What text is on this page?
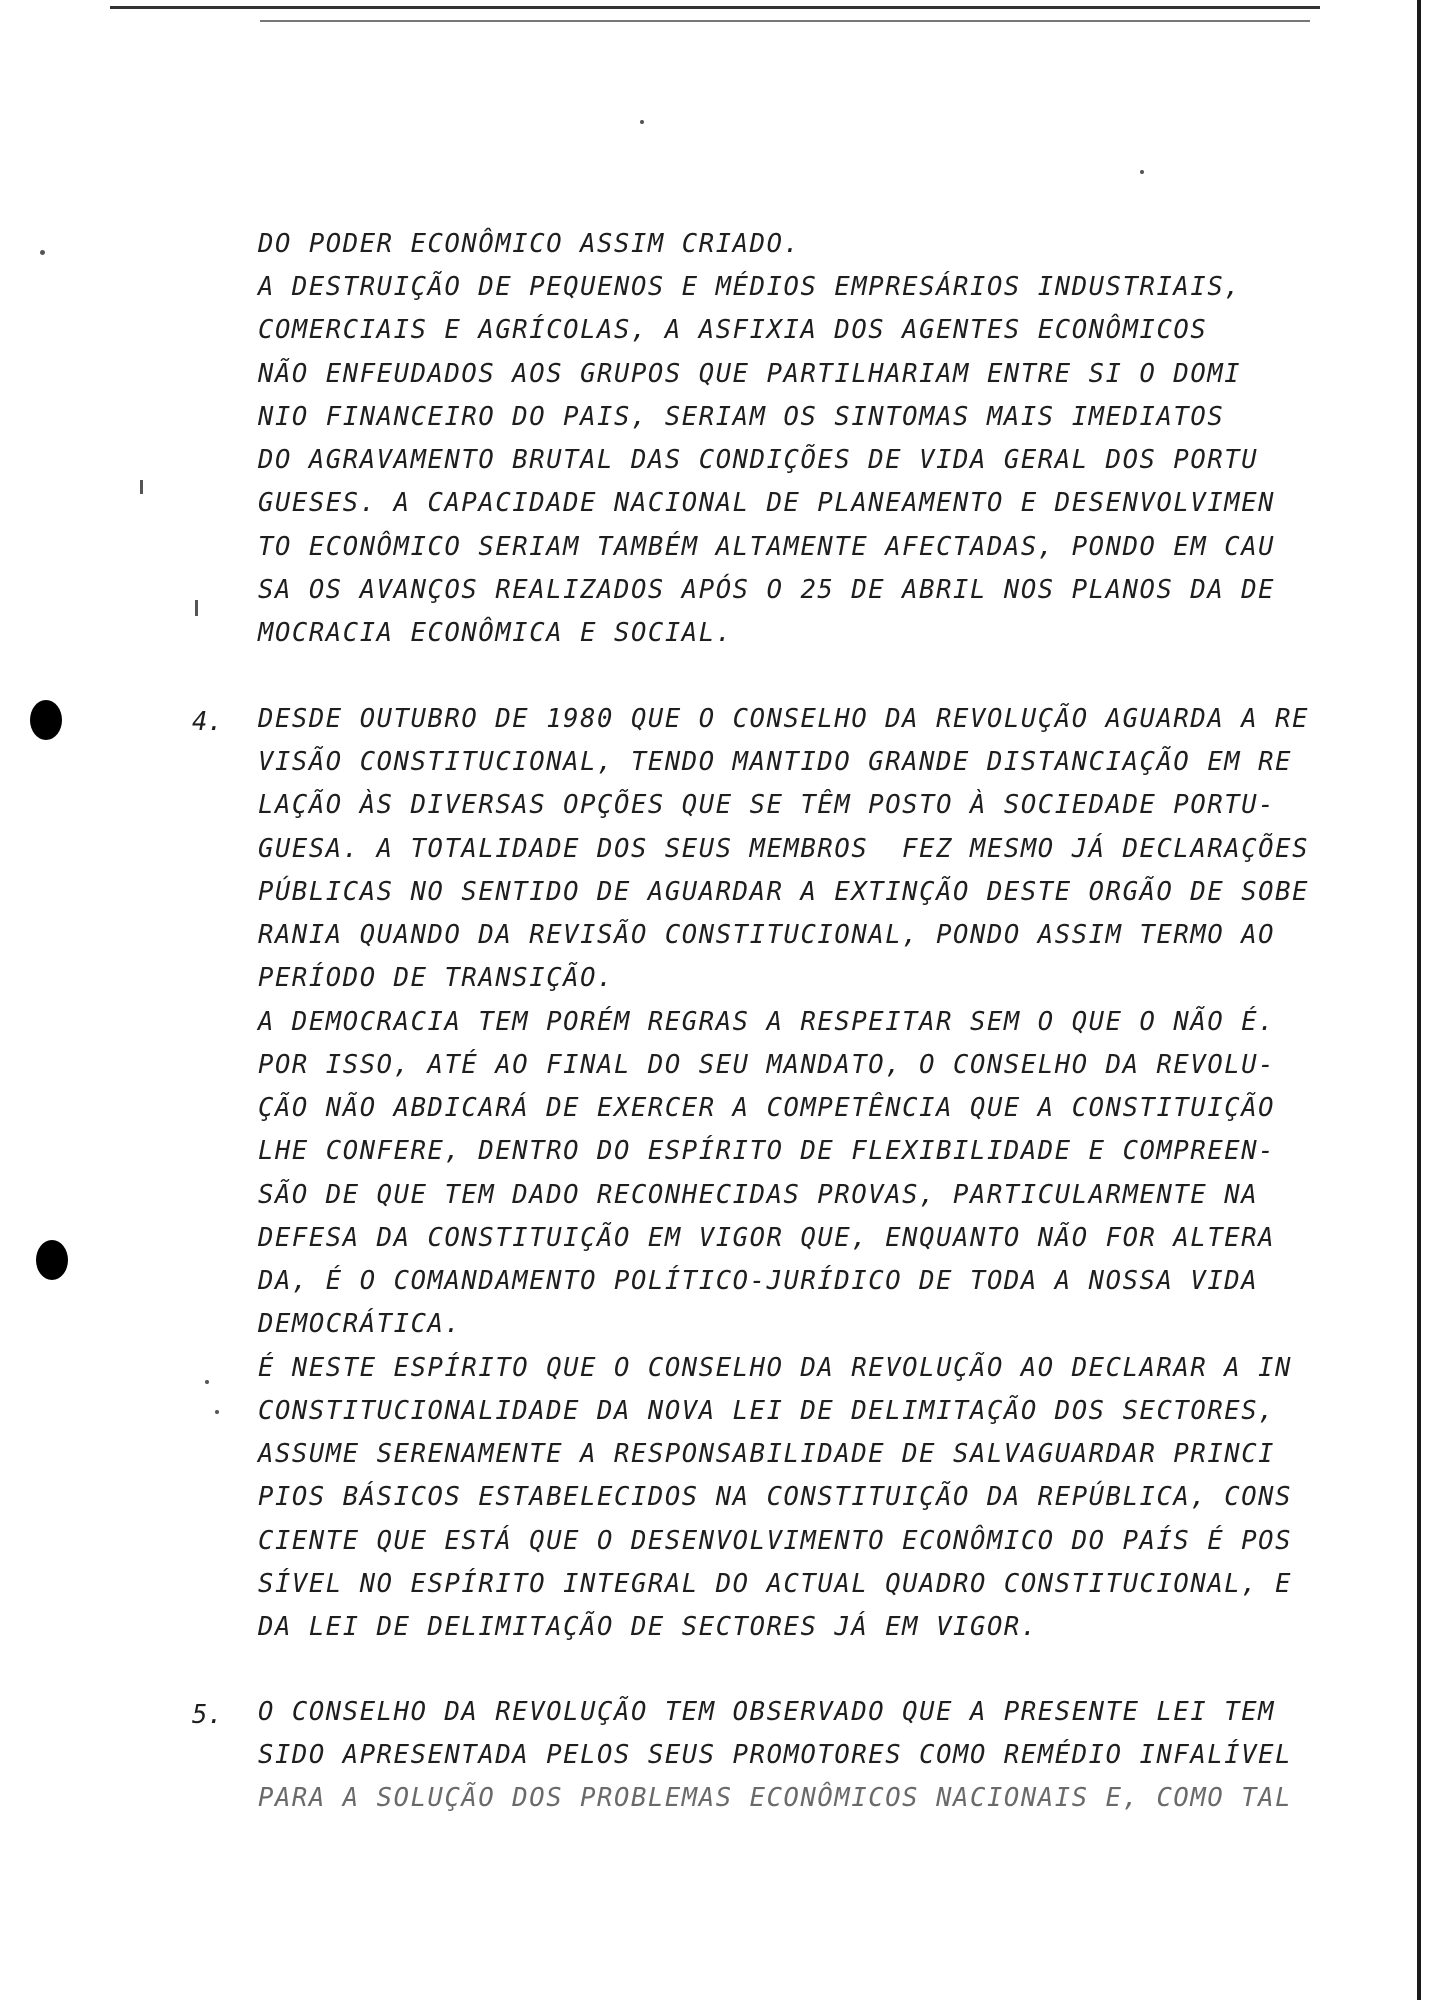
DO PODER ECONÔMICO ASSIM CRIADO.

A DESTRUIÇÃO DE PEQUENOS E MÉDIOS EMPRESÁRIOS INDUSTRIAIS,

COMERCIAIS E AGRÍCOLAS, A ASFIXIA DOS AGENTES ECONÔMICOS

NÃO ENFEUDADOS AOS GRUPOS QUE PARTILHARIAM ENTRE SI O DOMI

NIO FINANCEIRO DO PAIS, SERIAM OS SINTOMAS MAIS IMEDIATOS

DO AGRAVAMENTO BRUTAL DAS CONDIÇÕES DE VIDA GERAL DOS PORTU

GUESES. A CAPACIDADE NACIONAL DE PLANEAMENTO E DESENVOLVIMEN

TO ECONÔMICO SERIAM TAMBÉM ALTAMENTE AFECTADAS, PONDO EM CAU

SA OS AVANÇOS REALIZADOS APÓS O 25 DE ABRIL NOS PLANOS DA DE

MOCRACIA ECONÔMICA E SOCIAL.

4. DESDE OUTUBRO DE 1980 QUE O CONSELHO DA REVOLUÇÃO AGUARDA A RE

VISÃO CONSTITUCIONAL, TENDO MANTIDO GRANDE DISTANCIAÇÃO EM RE

LAÇÃO ÀS DIVERSAS OPÇÕES QUE SE TÊM POSTO À SOCIEDADE PORTU-

GUESA. A TOTALIDADE DOS SEUS MEMBROS  FEZ MESMO JÁ DECLARAÇÕES

PÚBLICAS NO SENTIDO DE AGUARDAR A EXTINÇÃO DESTE ORGÃO DE SOBE

RANIA QUANDO DA REVISÃO CONSTITUCIONAL, PONDO ASSIM TERMO AO

PERÍODO DE TRANSIÇÃO.

A DEMOCRACIA TEM PORÉM REGRAS A RESPEITAR SEM O QUE O NÃO É.

POR ISSO, ATÉ AO FINAL DO SEU MANDATO, O CONSELHO DA REVOLU-

ÇÃO NÃO ABDICARÁ DE EXERCER A COMPETÊNCIA QUE A CONSTITUIÇÃO

LHE CONFERE, DENTRO DO ESPÍRITO DE FLEXIBILIDADE E COMPREEN-

SÃO DE QUE TEM DADO RECONHECIDAS PROVAS, PARTICULARMENTE NA

DEFESA DA CONSTITUIÇÃO EM VIGOR QUE, ENQUANTO NÃO FOR ALTERA

DA, É O COMANDAMENTO POLÍTICO-JURÍDICO DE TODA A NOSSA VIDA

DEMOCRÁTICA.

É NESTE ESPÍRITO QUE O CONSELHO DA REVOLUÇÃO AO DECLARAR A IN

CONSTITUCIONALIDADE DA NOVA LEI DE DELIMITAÇÃO DOS SECTORES,

ASSUME SERENAMENTE A RESPONSABILIDADE DE SALVAGUARDAR PRINCI

PIOS BÁSICOS ESTABELECIDOS NA CONSTITUIÇÃO DA REPÚBLICA, CONS

CIENTE QUE ESTÁ QUE O DESENVOLVIMENTO ECONÔMICO DO PAÍS É POS

SÍVEL NO ESPÍRITO INTEGRAL DO ACTUAL QUADRO CONSTITUCIONAL, E

DA LEI DE DELIMITAÇÃO DE SECTORES JÁ EM VIGOR.

5. O CONSELHO DA REVOLUÇÃO TEM OBSERVADO QUE A PRESENTE LEI TEM

SIDO APRESENTADA PELOS SEUS PROMOTORES COMO REMÉDIO INFALÍVEL

PARA A SOLUÇÃO DOS PROBLEMAS ECONÔMICOS NACIONAIS E, COMO TAL
